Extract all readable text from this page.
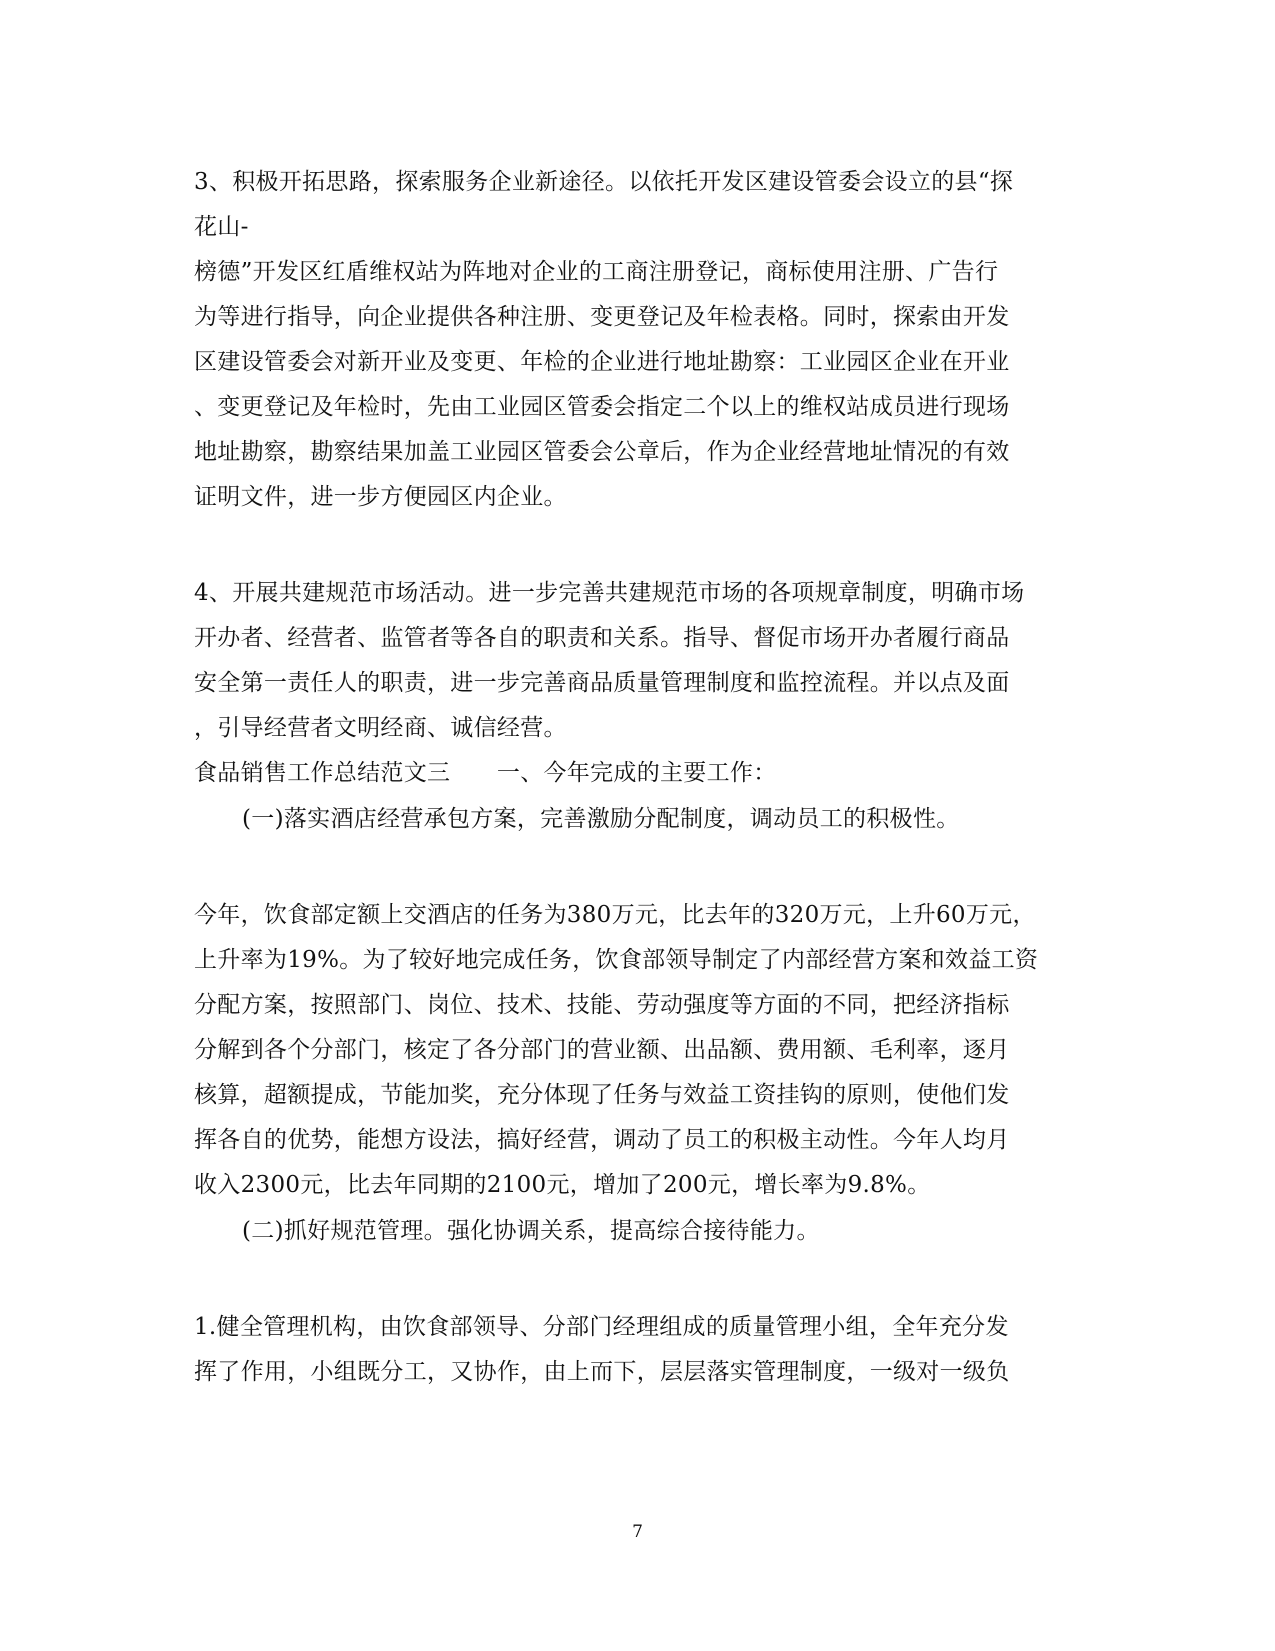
3、积极开拓思路，探索服务企业新途径。以依托开发区建设管委会设立的县“探
花山-
榜德”开发区红盾维权站为阵地对企业的工商注册登记，商标使用注册、广告行
为等进行指导，向企业提供各种注册、变更登记及年检表格。同时，探索由开发
区建设管委会对新开业及变更、年检的企业进行地址勘察：工业园区企业在开业
、变更登记及年检时，先由工业园区管委会指定二个以上的维权站成员进行现场
地址勘察，勘察结果加盖工业园区管委会公章后，作为企业经营地址情况的有效
证明文件，进一步方便园区内企业。
4、开展共建规范市场活动。进一步完善共建规范市场的各项规章制度，明确市场
开办者、经营者、监管者等各自的职责和关系。指导、督促市场开办者履行商品
安全第一责任人的职责，进一步完善商品质量管理制度和监控流程。并以点及面
，引导经营者文明经商、诚信经营。
食品销售工作总结范文三　　一、今年完成的主要工作：
(一)落实酒店经营承包方案，完善激励分配制度，调动员工的积极性。
今年，饮食部定额上交酒店的任务为380万元，比去年的320万元，上升60万元，
上升率为19%。为了较好地完成任务，饮食部领导制定了内部经营方案和效益工资
分配方案，按照部门、岗位、技术、技能、劳动强度等方面的不同，把经济指标
分解到各个分部门，核定了各分部门的营业额、出品额、费用额、毛利率，逐月
核算，超额提成，节能加奖，充分体现了任务与效益工资挂钩的原则，使他们发
挥各自的优势，能想方设法，搞好经营，调动了员工的积极主动性。今年人均月
收入2300元，比去年同期的2100元，增加了200元，增长率为9.8%。
(二)抓好规范管理。强化协调关系，提高综合接待能力。
1.健全管理机构，由饮食部领导、分部门经理组成的质量管理小组，全年充分发
挥了作用，小组既分工，又协作，由上而下，层层落实管理制度，一级对一级负
7
